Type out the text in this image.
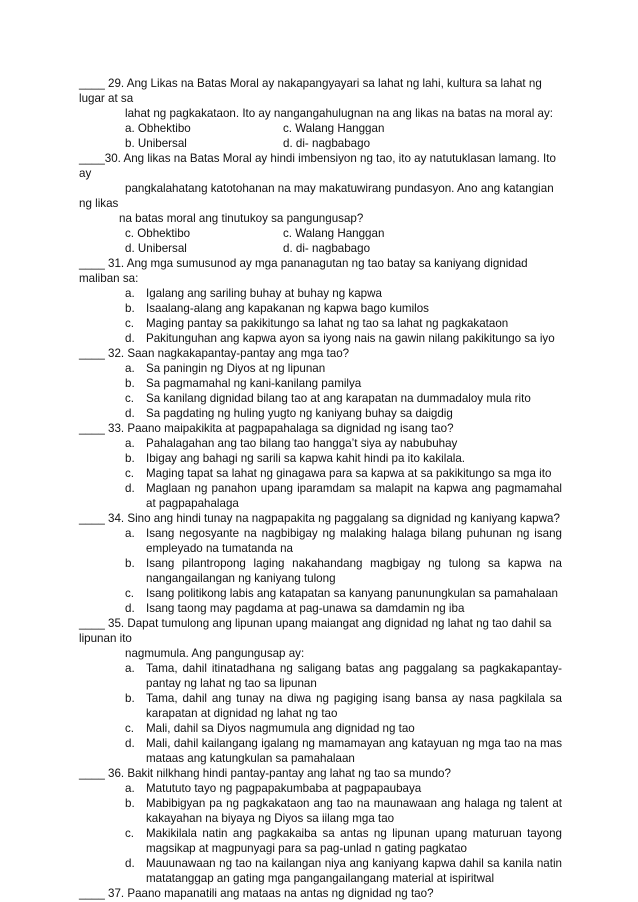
____ 29. Ang Likas na Batas Moral ay nakapangyayari sa lahat ng lahi, kultura sa lahat ng

lugar at sa

lahat ng pagkakataon. Ito ay nangangahulugnan na ang likas na batas na moral ay:

a. Obhektibo	c. Walang Hanggan
b. Unibersal	d. di- nagbabago

____30. Ang likas na Batas Moral ay hindi imbensiyon ng tao, ito ay natutuklasan lamang. Ito

ay

pangkalahatang katotohanan na may makatuwirang pundasyon. Ano ang katangian

ng likas

na batas moral ang tinutukoy sa pangungusap?

c. Obhektibo	c. Walang Hanggan
d. Unibersal	d. di- nagbabago

____ 31. Ang mga sumusunod ay mga pananagutan ng tao batay sa kaniyang dignidad

maliban sa:

a. Igalang ang sariling buhay at buhay ng kapwa
b. Isaalang-alang ang kapakanan ng kapwa bago kumilos
c.	Maging pantay sa pakikitungo sa lahat ng tao sa lahat ng pagkakataon
d. Pakitunguhan ang kapwa ayon sa iyong nais na gawin nilang pakikitungo sa iyo

____ 32. Saan nagkakapantay-pantay ang mga tao?

a. Sa paningin ng Diyos at ng lipunan
b. Sa pagmamahal ng kani-kanilang pamilya
c.	Sa kanilang dignidad bilang tao at ang karapatan na dummadaloy mula rito
d. Sa pagdating ng huling yugto ng kaniyang buhay sa daigdig

____ 33. Paano maipakikita at pagpapahalaga sa dignidad ng isang tao?

a. Pahalagahan ang tao bilang tao hangga’t siya ay nabubuhay
b. Ibigay ang bahagi ng sarili sa kapwa kahit hindi pa ito kakilala.
c.	Maging tapat sa lahat ng ginagawa para sa kapwa at sa pakikitungo sa mga ito
d. Maglaan ng panahon upang iparamdam sa malapit na kapwa ang pagmamahal at pagpapahalaga

____ 34. Sino ang hindi tunay na nagpapakita ng paggalang sa dignidad ng kaniyang kapwa?

a. Isang negosyante na nagbibigay ng malaking halaga bilang puhunan ng isang empleyado na tumatanda na
b. Isang pilantropong laging nakahandang magbigay ng tulong sa kapwa na nangangailangan ng kaniyang tulong
c.	Isang politikong labis ang katapatan sa kanyang panunungkulan sa pamahalaan
d. Isang taong may pagdama at pag-unawa sa damdamin ng iba

____ 35. Dapat tumulong ang lipunan upang maiangat ang dignidad ng lahat ng tao dahil sa

lipunan ito

nagmumula. Ang pangungusap ay:

a. Tama, dahil itinatadhana ng saligang batas ang paggalang sa pagkakapantay-pantay ng lahat ng tao sa lipunan
b. Tama, dahil ang tunay na diwa ng pagiging isang bansa ay nasa pagkilala sa karapatan at dignidad ng lahat ng tao
c.	Mali, dahil sa Diyos nagmumula ang dignidad ng tao
d. Mali, dahil kailangang igalang ng mamamayan ang katayuan ng mga tao na mas mataas ang katungkulan sa pamahalaan

____ 36. Bakit nilkhang hindi pantay-pantay ang lahat ng tao sa mundo?

a. Matututo tayo ng pagpapakumbaba at pagpapaubaya
b. Mabibigyan pa ng pagkakataon ang tao na maunawaan ang halaga ng talent at kakayahan na biyaya ng Diyos sa iilang mga tao
c.	Makikilala natin ang pagkakaiba sa antas ng lipunan upang maturuan tayong magsikap at magpunyagi para sa pag-unlad n gating pagkatao
d. Mauunawaan ng tao na kailangan niya ang kaniyang kapwa dahil sa kanila natin matatanggap an gating mga pangangailangang material at ispiritwal

____ 37. Paano mapanatili ang mataas na antas ng dignidad ng tao?
